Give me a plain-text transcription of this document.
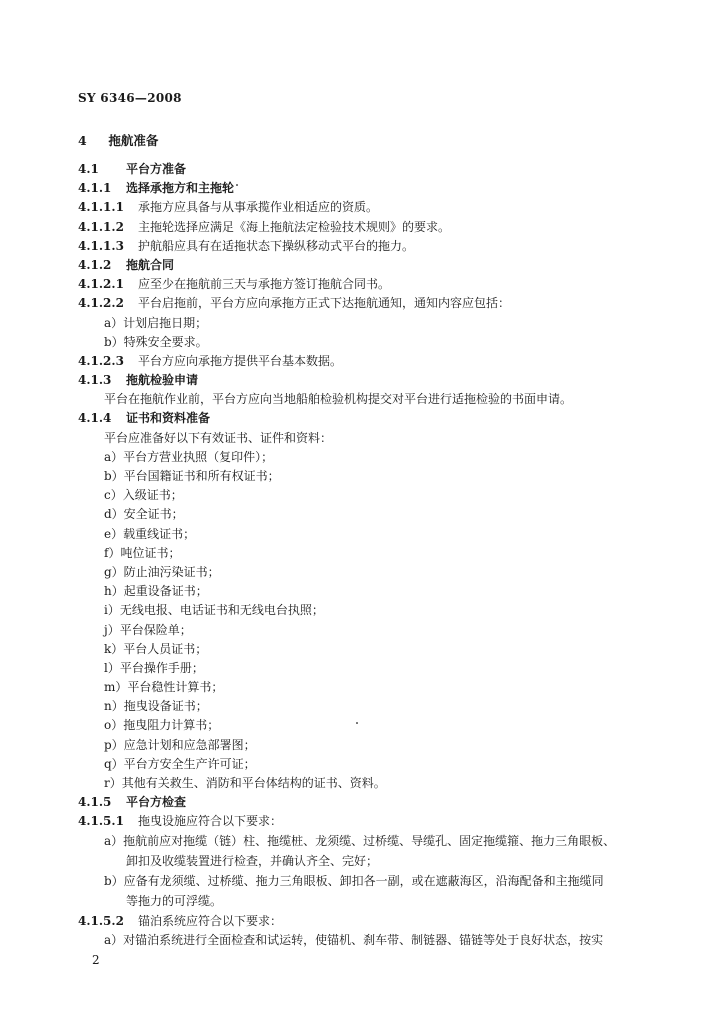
SY 6346—2008
4 拖航准备
4.1 平台方准备
4.1.1 选择承拖方和主拖轮
4.1.1.1 承拖方应具备与从事承揽作业相适应的资质。
4.1.1.2 主拖轮选择应满足《海上拖航法定检验技术规则》的要求。
4.1.1.3 护航船应具有在适拖状态下操纵移动式平台的拖力。
4.1.2 拖航合同
4.1.2.1 应至少在拖航前三天与承拖方签订拖航合同书。
4.1.2.2 平台启拖前，平台方应向承拖方正式下达拖航通知，通知内容应包括：
a）计划启拖日期；
b）特殊安全要求。
4.1.2.3 平台方应向承拖方提供平台基本数据。
4.1.3 拖航检验申请
平台在拖航作业前，平台方应向当地船舶检验机构提交对平台进行适拖检验的书面申请。
4.1.4 证书和资料准备
平台应准备好以下有效证书、证件和资料：
a）平台方营业执照（复印件）；
b）平台国籍证书和所有权证书；
c）入级证书；
d）安全证书；
e）载重线证书；
f）吨位证书；
g）防止油污染证书；
h）起重设备证书；
i）无线电报、电话证书和无线电台执照；
j）平台保险单；
k）平台人员证书；
l）平台操作手册；
m）平台稳性计算书；
n）拖曳设备证书；
o）拖曳阻力计算书；
p）应急计划和应急部署图；
q）平台方安全生产许可证；
r）其他有关救生、消防和平台体结构的证书、资料。
4.1.5 平台方检查
4.1.5.1 拖曳设施应符合以下要求：
a）拖航前应对拖缆（链）柱、拖缆桩、龙须缆、过桥缆、导缆孔、固定拖缆箍、拖力三角眼板、
卸扣及收缆装置进行检查，并确认齐全、完好；
b）应备有龙须缆、过桥缆、拖力三角眼板、卸扣各一副，或在遮蔽海区，沿海配备和主拖缆同
等拖力的可浮缆。
4.1.5.2 锚泊系统应符合以下要求：
a）对锚泊系统进行全面检查和试运转，使锚机、刹车带、制链器、锚链等处于良好状态，按实
2
